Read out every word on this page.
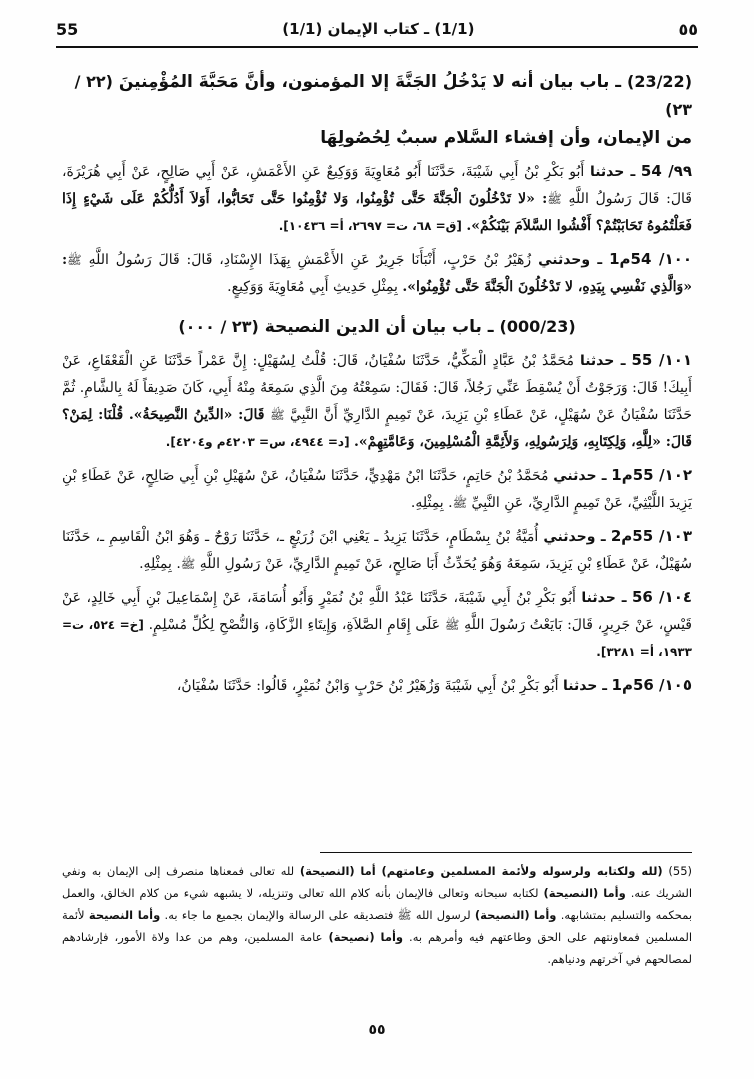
55	(1/1) ـ كتاب الإيمان (1/1)	٥٥
(23/22) ـ باب بيان أنه لا يَدْخُلُ الجَنَّةَ إلا المؤمنون، وأنَّ مَحَبَّةَ المُؤْمِنينَ (٢٢ / ٢٣)
من الإيمان، وأن إفشاء السَّلام سببٌ لِحُصُولِهَا

٩٩/ 54 ـ حدثنا أَبُو بَكْرِ بْنُ أَبِي شَيْبَةَ، حَدَّثَنَا أَبُو مُعَاوِيَةَ وَوَكِيعٌ عَنِ الأَعْمَشِ، عَنْ أَبِي صَالِحٍ، عَنْ أَبِي هُرَيْرَةَ، قَالَ: قَالَ رَسُولُ اللَّهِ ﷺ: «لا تَدْخُلُونَ الْجَنَّةَ حَتَّى تُؤْمِنُوا، وَلا تُؤْمِنُوا حَتَّى تَحَابُّوا، أَوَلاَ أَدُلُّكُمْ عَلَى شَيْءٍ إِذَا فَعَلْتُمُوهُ تَحَابَبْتُمْ؟ أَفْشُوا السَّلاَمَ بَيْنَكُمْ». [ق= ٦٨، ت= ٢٦٩٧، أ= ١٠٤٣٦].

١٠٠/ 54م1 ـ وحدثني زُهَيْرُ بْنُ حَرْبٍ، أَنْبَأَنَا جَرِيرٌ عَنِ الأَعْمَشِ بِهَذَا الإِسْنَادِ، قَالَ: قَالَ رَسُولُ اللَّهِ ﷺ: «وَالَّذِي نَفْسِي بِيَدِهِ، لا تَدْخُلُونَ الْجَنَّةَ حَتَّى تُؤْمِنُوا». بِمِثْلِ حَدِيثِ أَبِي مُعَاوِيَةَ وَوَكِيعٍ.

(000/23) ـ باب بيان أن الدين النصيحة (٢٣ / ٠٠٠)

١٠١/ 55 ـ حدثنا مُحَمَّدُ بْنُ عَبَّادٍ الْمَكِّيُّ، حَدَّثَنَا سُفْيَانُ، قَالَ: قُلْتُ لِسُهَيْلٍ: إِنَّ عَمْراً حَدَّثَنَا عَنِ الْقَعْقَاعِ، عَنْ أَبِيكَ! قَالَ: وَرَجَوْتُ أَنْ يُسْقِطَ عَنِّي رَجُلاً، قَالَ: فَقَالَ: سَمِعْتُهُ مِنَ الَّذِي سَمِعَهُ مِنْهُ أَبِي، كَانَ صَدِيقاً لَهُ بِالشَّامِ. ثُمَّ حَدَّثَنَا سُفْيَانُ عَنْ سُهَيْلٍ، عَنْ عَطَاءِ بْنِ يَزِيدَ، عَنْ تَمِيمٍ الدَّارِيِّ أَنَّ النَّبِيَّ ﷺ قَالَ: «الدِّينُ النَّصِيحَةُ». قُلْنَا: لِمَنْ؟ قَالَ: «لِلَّهِ، وَلِكِتَابِهِ، وَلِرَسُولِهِ، وَلأَئِمَّةِ الْمُسْلِمِينَ، وَعَامَّتِهِمْ». [د= ٤٩٤٤، س= ٤٢٠٣م و٤٢٠٤].

١٠٢/ 55م1 ـ حدثني مُحَمَّدُ بْنُ حَاتِمٍ، حَدَّثَنَا ابْنُ مَهْدِيٍّ، حَدَّثَنَا سُفْيَانُ، عَنْ سُهَيْلِ بْنِ أَبِي صَالِحٍ، عَنْ عَطَاءِ بْنِ يَزِيدَ اللَّيْثِيِّ، عَنْ تَمِيمٍ الدَّارِيِّ، عَنِ النَّبِيِّ ﷺ. بِمِثْلِهِ.

١٠٣/ 55م2 ـ وحدثني أُمَيَّةُ بْنُ بِسْطَامٍ، حَدَّثَنَا يَزِيدُ ـ يَعْنِي ابْنَ زُرَيْعٍ ـ، حَدَّثَنَا رَوْحٌ ـ وَهُوَ ابْنُ الْقَاسِمِ ـ، حَدَّثَنَا سُهَيْلٌ، عَنْ عَطَاءِ بْنِ يَزِيدَ، سَمِعَهُ وَهُوَ يُحَدِّثُ أَبَا صَالِحٍ، عَنْ تَمِيمٍ الدَّارِيِّ، عَنْ رَسُولِ اللَّهِ ﷺ. بِمِثْلِهِ.

١٠٤/ 56 ـ حدثنا أَبُو بَكْرِ بْنُ أَبِي شَيْبَةَ، حَدَّثَنَا عَبْدُ اللَّهِ بْنُ نُمَيْرٍ وَأَبُو أُسَامَةَ، عَنْ إِسْمَاعِيلَ بْنِ أَبِي خَالِدٍ، عَنْ قَيْسٍ، عَنْ جَرِيرٍ، قَالَ: بَايَعْتُ رَسُولَ اللَّهِ ﷺ عَلَى إِقَامِ الصَّلاَةِ، وَإِيتَاءِ الزَّكَاةِ، وَالنُّصْحِ لِكُلِّ مُسْلِمٍ. [خ= ٥٢٤، ت= ١٩٣٣، أ= ٣٢٨١].

١٠٥/ 56م1 ـ حدثنا أَبُو بَكْرِ بْنُ أَبِي شَيْبَةَ وَزُهَيْرُ بْنُ حَرْبٍ وَابْنُ نُمَيْرٍ، قَالُوا: حَدَّثَنَا سُفْيَانُ،

(55) (لله ولكتابه ولرسوله ولأئمة المسلمين وعامتهم) أما (النصيحة) لله تعالى فمعناها منصرف إلى الإيمان به ونفي الشريك عنه. وأما (النصيحة) لكتابه سبحانه وتعالى فالإيمان بأنه كلام الله تعالى وتنزيله، لا يشبهه شيء من كلام الخالق، والعمل بمحكمه والتسليم بمتشابهه. وأما (النصيحة) لرسول الله ﷺ فتصديقه على الرسالة والإيمان بجميع ما جاء به. وأما النصيحة لأئمة المسلمين فمعاونتهم على الحق وطاعتهم فيه وأمرهم به. وأما (نصيحة) عامة المسلمين، وهم من عدا ولاة الأمور، فإرشادهم لمصالحهم في آخرتهم ودنياهم.
٥٥
